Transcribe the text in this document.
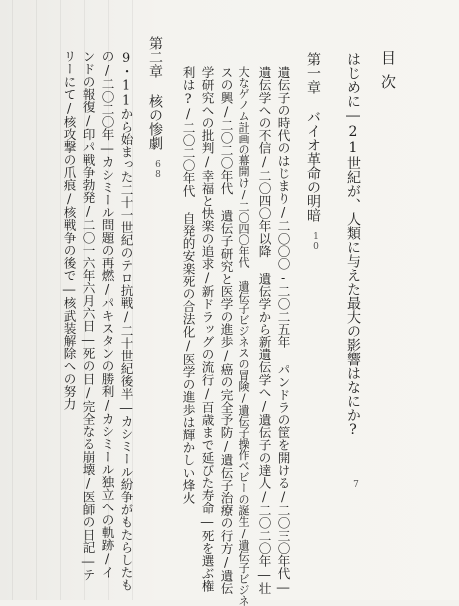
目次
はじめに―21世紀が、人類に与えた最大の影響はなにか?
7
第一章 バイオ革命の明暗
10
遺伝子の時代のはじまり/二〇〇〇-二〇二五年 パンドラの筐を開ける/二〇三〇年代―
遺伝学への不信/二〇四〇年以降 遺伝学から新遺伝学へ/遺伝子の達人/二〇二〇年―壮
大なゲノム計画の幕開け/二〇四〇年代 遺伝子ビジネスの冒険/遺伝子操作ベビーの誕生/遺伝子ビジネ
スの興/二〇二〇年代 遺伝子研究と医学の進歩/癌の完全予防/遺伝子治療の行方/遺伝
学研究への批判/幸福と快楽の追求/新ドラッグの流行/百歳まで延びた寿命―死を選ぶ権
利は?/二〇二〇年代 自発的安楽死の合法化/医学の進歩は輝かしい烽火
第二章 核の惨劇
68
9・11から始まった二十一世紀のテロ抗戦/二十世紀後半―カシミール紛争がもたらしたも
の/二〇二〇年―カシミール問題の再燃/パキスタンの勝利/カシミール独立への軌跡/イ
ンドの報復/印パ戦争勃発/二〇一六年六月六日―死の日/完全なる崩壊/医師の日記―テ
リーにて/核攻撃の爪痕/核戦争の後で―核武装解除への努力
